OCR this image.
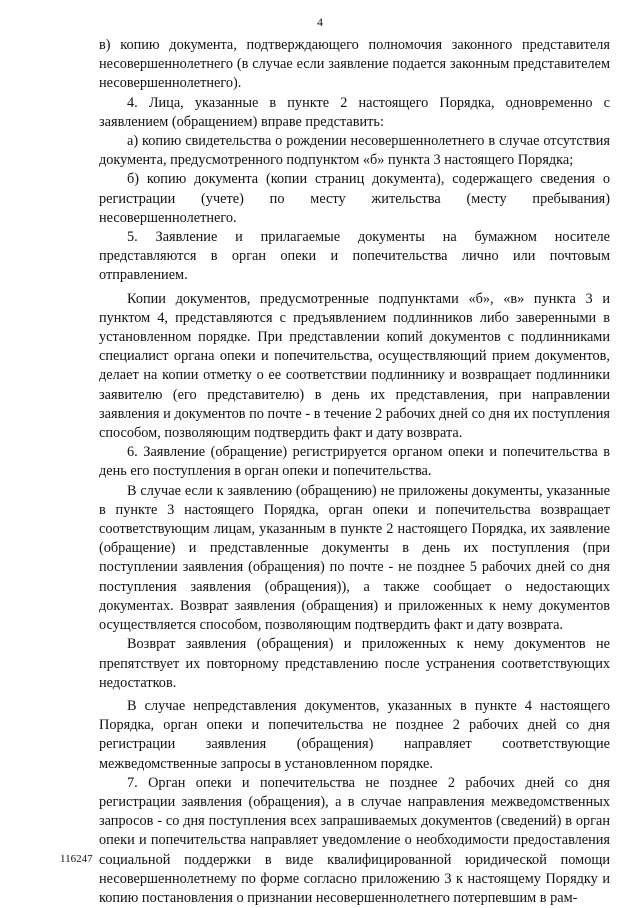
4

в) копию документа, подтверждающего полномочия законного представителя несовершеннолетнего (в случае если заявление подается законным представителем несовершеннолетнего).

4. Лица, указанные в пункте 2 настоящего Порядка, одновременно с заявлением (обращением) вправе представить:

а) копию свидетельства о рождении несовершеннолетнего в случае отсутствия документа, предусмотренного подпунктом «б» пункта 3 настоящего Порядка;

б) копию документа (копии страниц документа), содержащего сведения о регистрации (учете) по месту жительства (месту пребывания) несовершеннолетнего.

5. Заявление и прилагаемые документы на бумажном носителе представляются в орган опеки и попечительства лично или почтовым отправлением.

Копии документов, предусмотренные подпунктами «б», «в» пункта 3 и пунктом 4, представляются с предъявлением подлинников либо заверенными в установленном порядке. При представлении копий документов с подлинниками специалист органа опеки и попечительства, осуществляющий прием документов, делает на копии отметку о ее соответствии подлиннику и возвращает подлинники заявителю (его представителю) в день их представления, при направлении заявления и документов по почте - в течение 2 рабочих дней со дня их поступления способом, позволяющим подтвердить факт и дату возврата.

6. Заявление (обращение) регистрируется органом опеки и попечительства в день его поступления в орган опеки и попечительства.

В случае если к заявлению (обращению) не приложены документы, указанные в пункте 3 настоящего Порядка, орган опеки и попечительства возвращает соответствующим лицам, указанным в пункте 2 настоящего Порядка, их заявление (обращение) и представленные документы в день их поступления (при поступлении заявления (обращения) по почте - не позднее 5 рабочих дней со дня поступления заявления (обращения)), а также сообщает о недостающих документах. Возврат заявления (обращения) и приложенных к нему документов осуществляется способом, позволяющим подтвердить факт и дату возврата.

Возврат заявления (обращения) и приложенных к нему документов не препятствует их повторному представлению после устранения соответствующих недостатков.

В случае непредставления документов, указанных в пункте 4 настоящего Порядка, орган опеки и попечительства не позднее 2 рабочих дней со дня регистрации заявления (обращения) направляет соответствующие межведомственные запросы в установленном порядке.

7. Орган опеки и попечительства не позднее 2 рабочих дней со дня регистрации заявления (обращения), а в случае направления межведомственных запросов - со дня поступления всех запрашиваемых документов (сведений) в орган опеки и попечительства направляет уведомление о необходимости предоставления социальной поддержки в виде квалифицированной юридической помощи несовершеннолетнему по форме согласно приложению 3 к настоящему Порядку и копию постановления о признании несовершеннолетнего потерпевшим в рам-

116247
